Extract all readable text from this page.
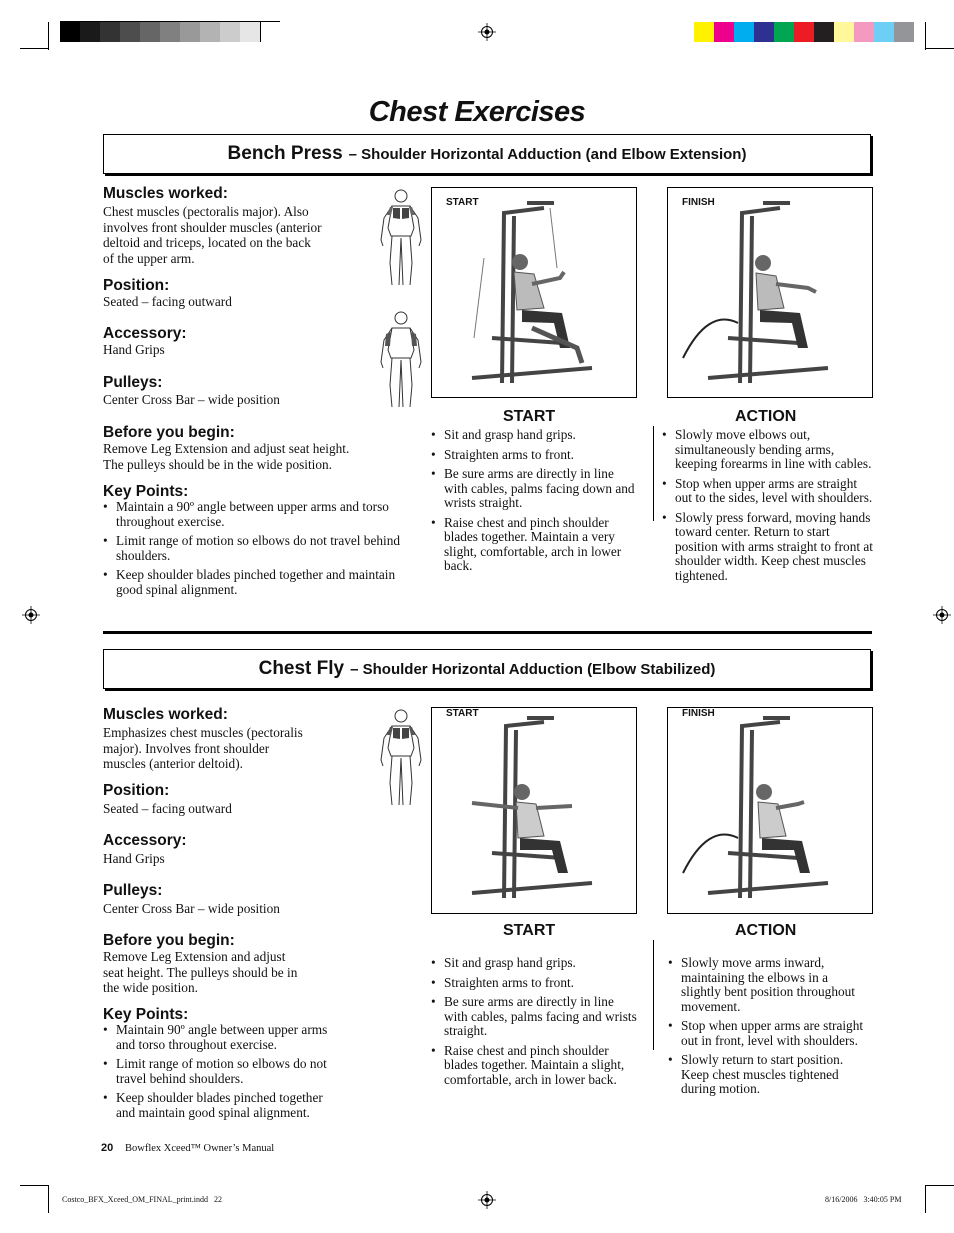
Chest Exercises
Bench Press – Shoulder Horizontal Adduction (and Elbow Extension)
Muscles worked:
Chest muscles (pectoralis major). Also
involves front shoulder muscles (anterior
deltoid and triceps, located on the back
of the upper arm.
Position:
Seated – facing outward
Accessory:
Hand Grips
Pulleys:
Center Cross Bar – wide position
Before you begin:
Remove Leg Extension and adjust seat height.
The pulleys should be in the wide position.
Key Points:
• Maintain a 90º angle between upper arms and torso throughout exercise.
• Limit range of motion so elbows do not travel behind shoulders.
• Keep shoulder blades pinched together and maintain good spinal alignment.
START	FINISH
START	ACTION
• Sit and grasp hand grips.
• Straighten arms to front.
• Be sure arms are directly in line with cables, palms facing down and wrists straight.
• Raise chest and pinch shoulder blades together. Maintain a very slight, comfortable, arch in lower back.
• Slowly move elbows out, simultaneously bending arms, keeping forearms in line with cables.
• Stop when upper arms are straight out to the sides, level with shoulders.
• Slowly press forward, moving hands toward center. Return to start position with arms straight to front at shoulder width. Keep chest muscles tightened.
Chest Fly – Shoulder Horizontal Adduction (Elbow Stabilized)
Muscles worked:
Emphasizes chest muscles (pectoralis
major). Involves front shoulder
muscles (anterior deltoid).
Position:
Seated – facing outward
Accessory:
Hand Grips
Pulleys:
Center Cross Bar – wide position
Before you begin:
Remove Leg Extension and adjust
seat height. The pulleys should be in
the wide position.
Key Points:
• Maintain 90º angle between upper arms and torso throughout exercise.
• Limit range of motion so elbows do not travel behind shoulders.
• Keep shoulder blades pinched together and maintain good spinal alignment.
START	FINISH
START	ACTION
• Sit and grasp hand grips.
• Straighten arms to front.
• Be sure arms are directly in line with cables, palms facing and wrists straight.
• Raise chest and pinch shoulder blades together. Maintain a slight, comfortable, arch in lower back.
• Slowly move arms inward, maintaining the elbows in a slightly bent position throughout movement.
• Stop when upper arms are straight out in front, level with shoulders.
• Slowly return to start position. Keep chest muscles tightened during motion.
20 Bowflex Xceed™ Owner’s Manual
Costco_BFX_Xceed_OM_FINAL_print.indd   22	8/16/2006   3:40:05 PM
